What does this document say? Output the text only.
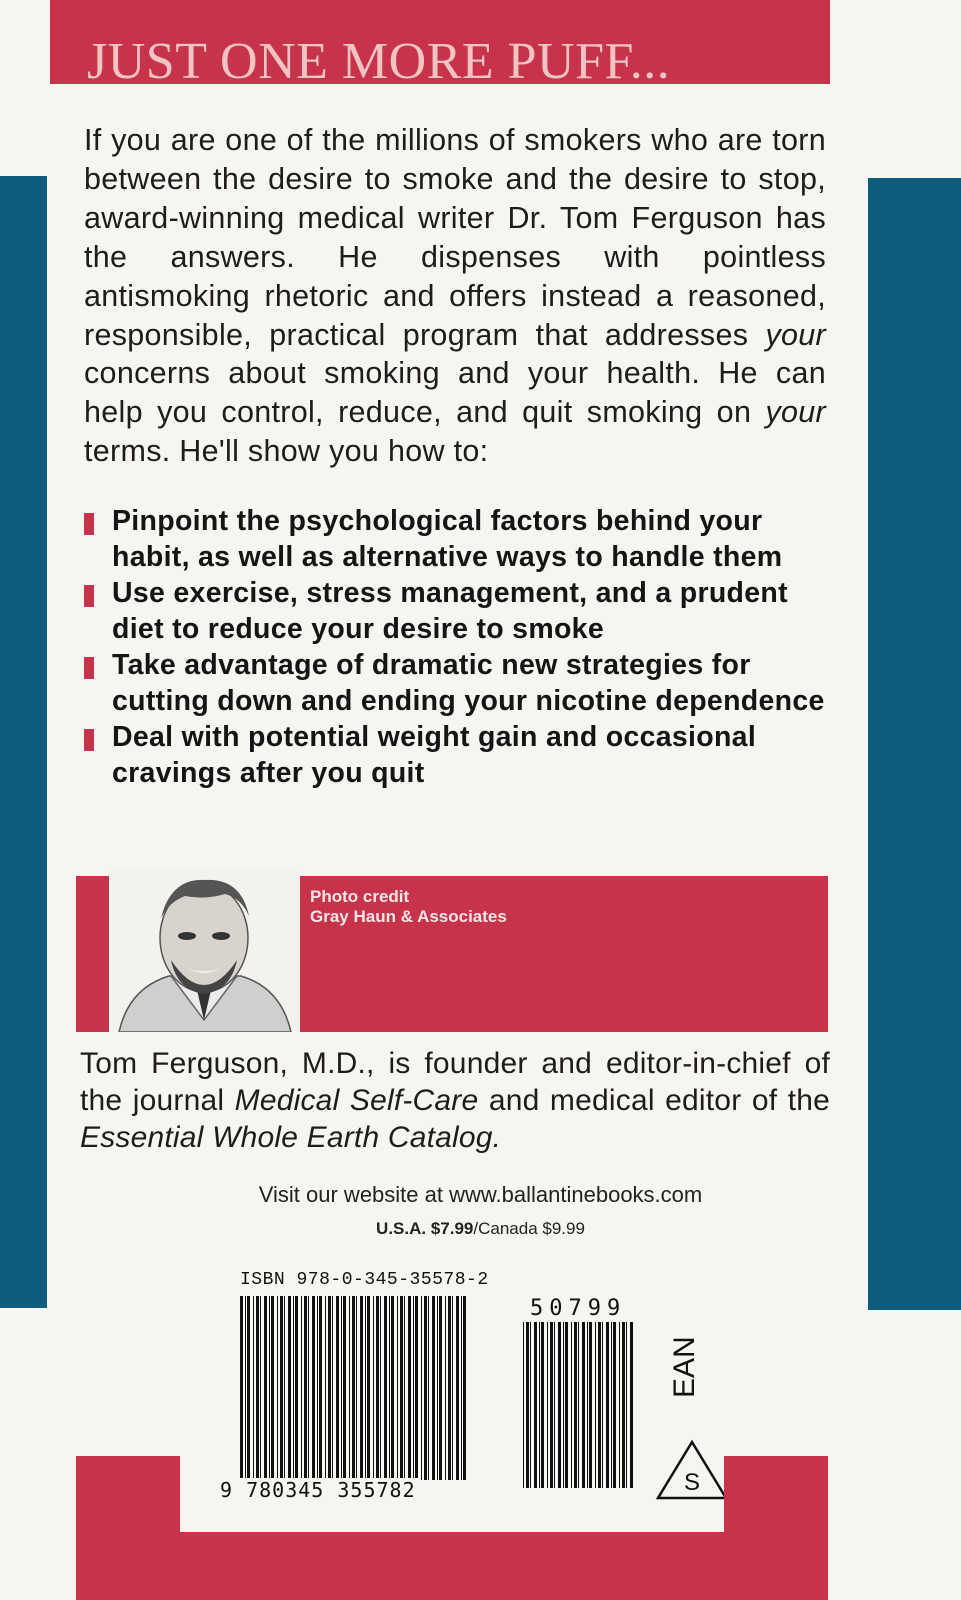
JUST ONE MORE PUFF...
If you are one of the millions of smokers who are torn between the desire to smoke and the desire to stop, award-winning medical writer Dr. Tom Ferguson has the answers. He dispenses with pointless antismoking rhetoric and offers instead a reasoned, responsible, practical program that addresses your concerns about smoking and your health. He can help you control, reduce, and quit smoking on your terms. He'll show you how to:
Pinpoint the psychological factors behind your habit, as well as alternative ways to handle them
Use exercise, stress management, and a prudent diet to reduce your desire to smoke
Take advantage of dramatic new strategies for cutting down and ending your nicotine dependence
Deal with potential weight gain and occasional cravings after you quit
Photo credit
Gray Haun & Associates
Tom Ferguson, M.D., is founder and editor-in-chief of the journal Medical Self-Care and medical editor of the Essential Whole Earth Catalog.
Visit our website at www.ballantinebooks.com
U.S.A. $7.99/Canada $9.99
ISBN 978-0-345-35578-2
9 780345 355782
50799
EAN
S
